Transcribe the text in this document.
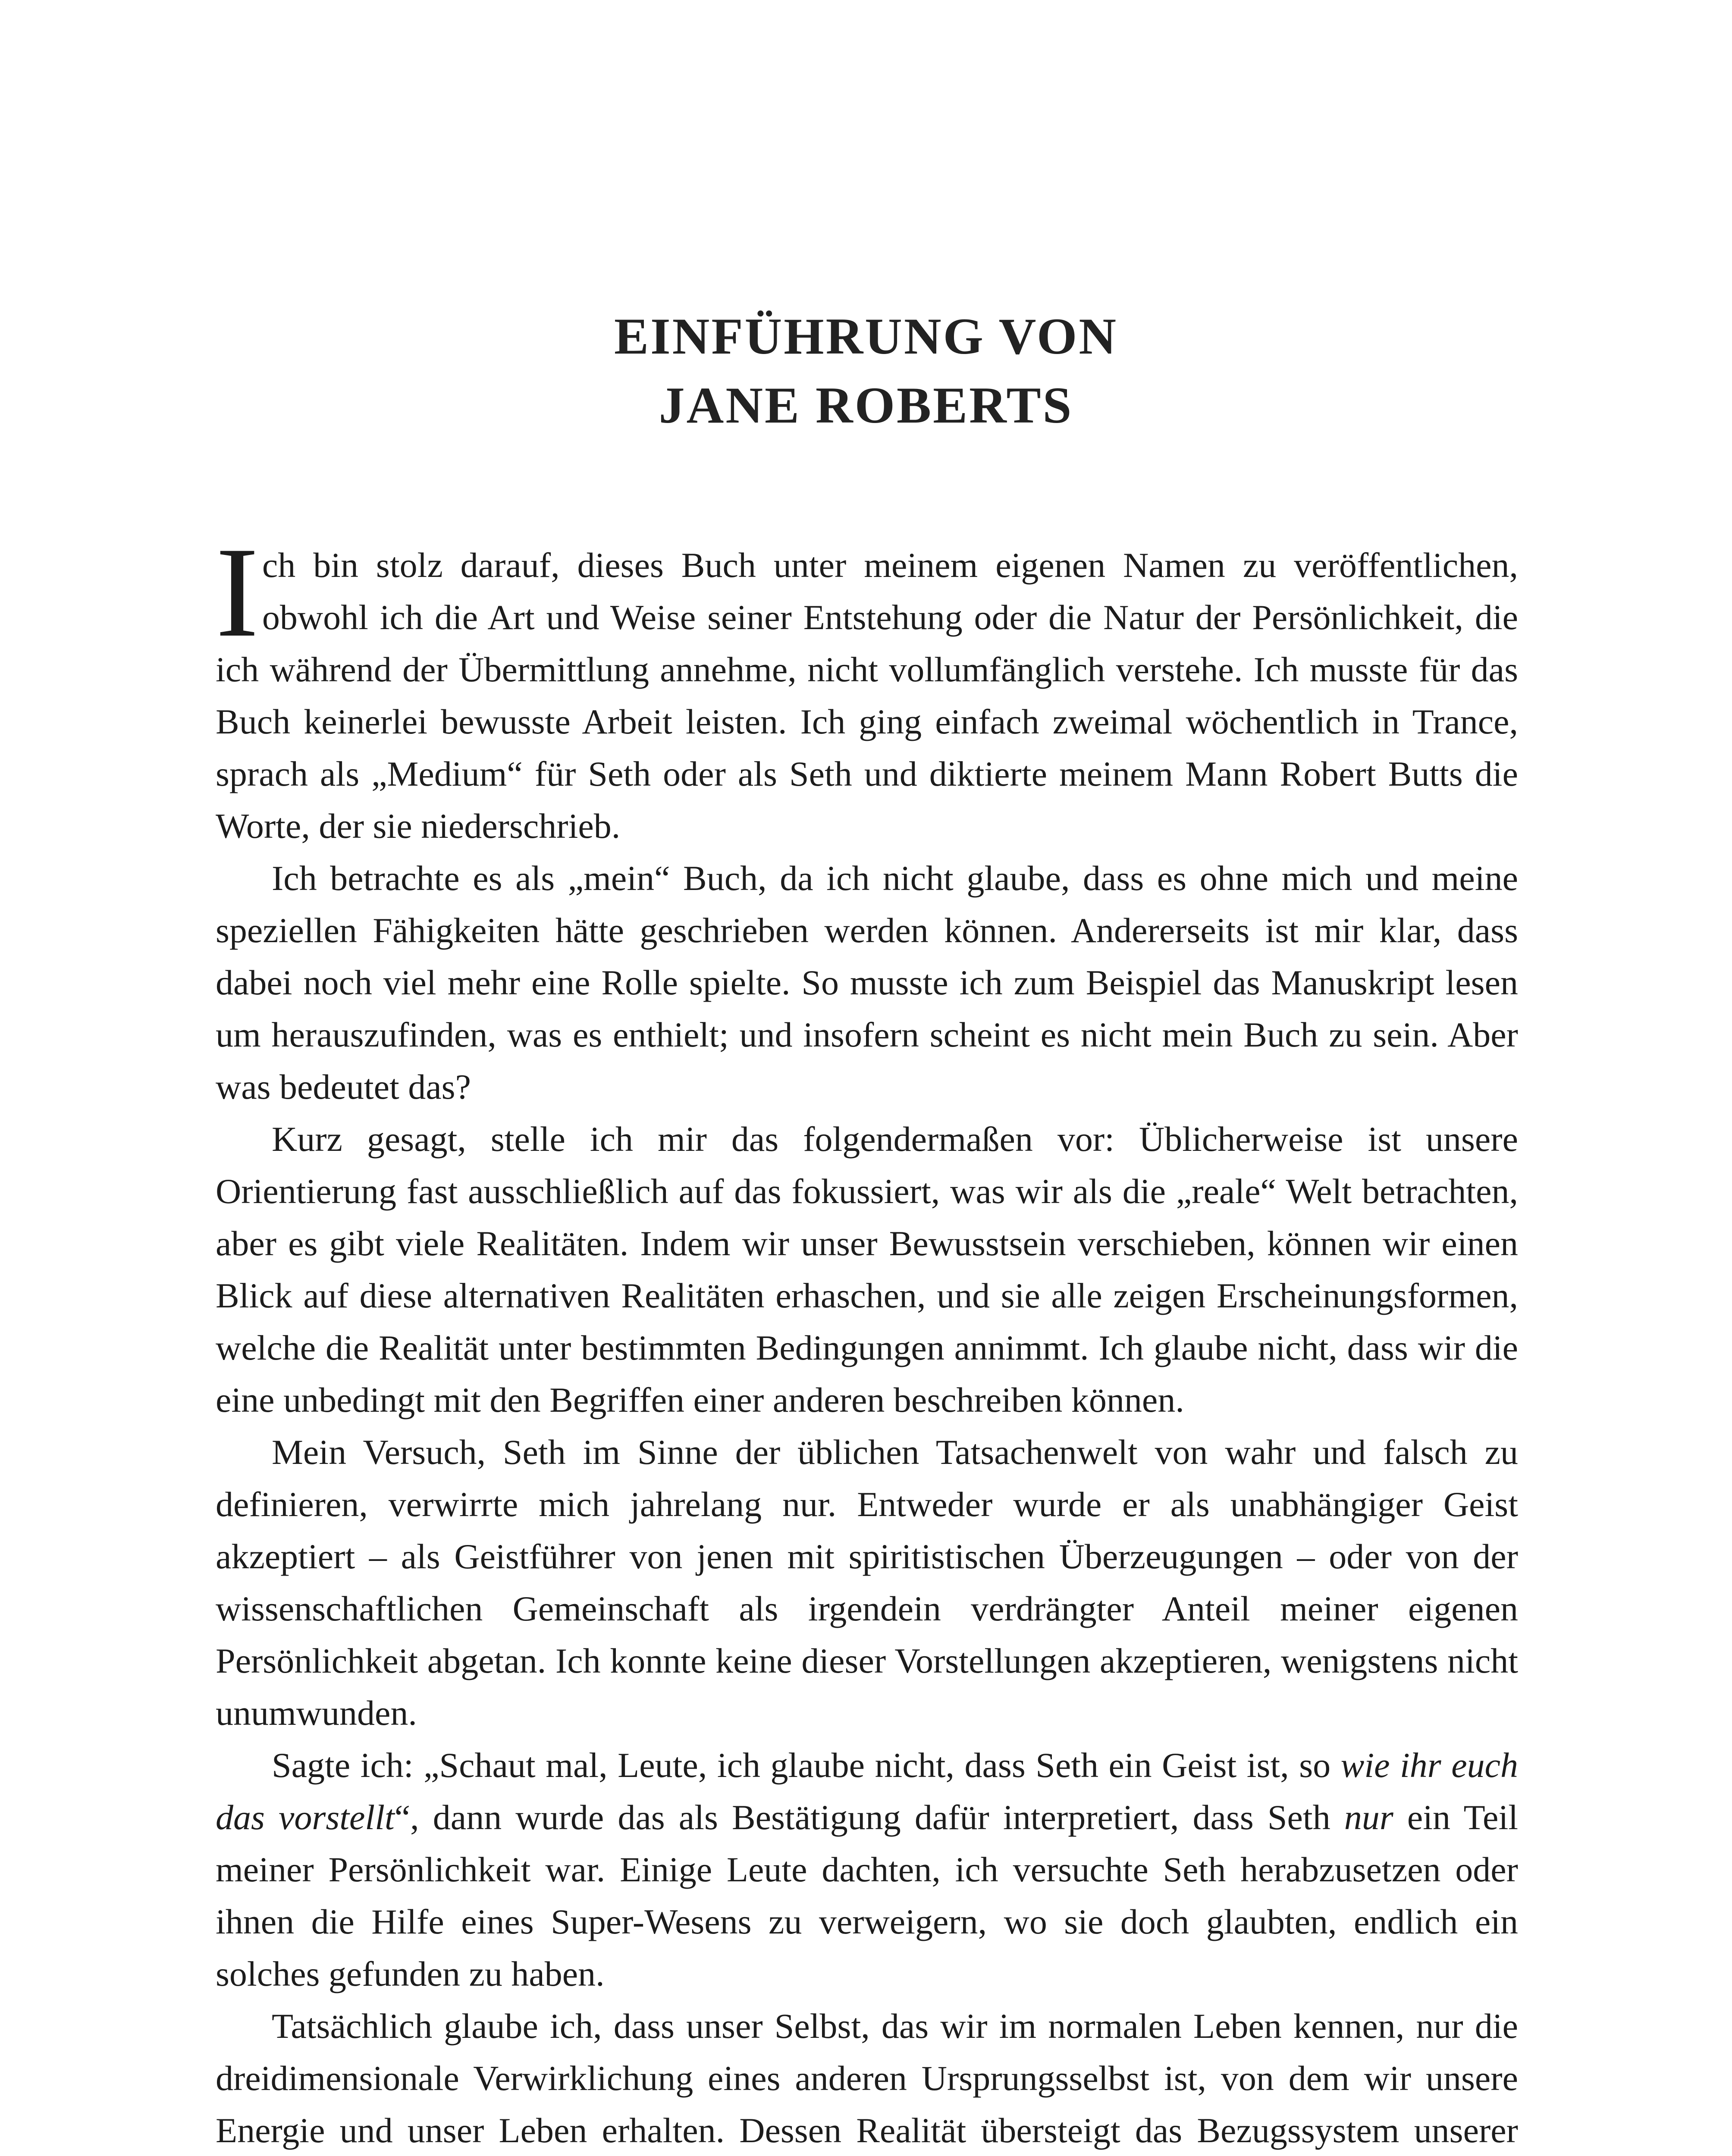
EINFÜHRUNG VON
JANE ROBERTS

Ich bin stolz darauf, dieses Buch unter meinem eigenen Namen zu veröffentlichen, obwohl ich die Art und Weise seiner Entstehung oder die Natur der Persönlichkeit, die ich während der Übermittlung annehme, nicht vollumfänglich verstehe. Ich musste für das Buch keinerlei bewusste Arbeit leisten. Ich ging einfach zweimal wöchentlich in Trance, sprach als „Medium“ für Seth oder als Seth und diktierte meinem Mann Robert Butts die Worte, der sie niederschrieb.

Ich betrachte es als „mein“ Buch, da ich nicht glaube, dass es ohne mich und meine speziellen Fähigkeiten hätte geschrieben werden können. Andererseits ist mir klar, dass dabei noch viel mehr eine Rolle spielte. So musste ich zum Beispiel das Manuskript lesen um herauszufinden, was es enthielt; und insofern scheint es nicht mein Buch zu sein. Aber was bedeutet das?

Kurz gesagt, stelle ich mir das folgendermaßen vor: Üblicherweise ist unsere Orientierung fast ausschließlich auf das fokussiert, was wir als die „reale“ Welt betrachten, aber es gibt viele Realitäten. Indem wir unser Bewusstsein verschieben, können wir einen Blick auf diese alternativen Realitäten erhaschen, und sie alle zeigen Erscheinungsformen, welche die Realität unter bestimmten Bedingungen annimmt. Ich glaube nicht, dass wir die eine unbedingt mit den Begriffen einer anderen beschreiben können.

Mein Versuch, Seth im Sinne der üblichen Tatsachenwelt von wahr und falsch zu definieren, verwirrte mich jahrelang nur. Entweder wurde er als unabhängiger Geist akzeptiert – als Geistführer von jenen mit spiritistischen Überzeugungen – oder von der wissenschaftlichen Gemeinschaft als irgendein verdrängter Anteil meiner eigenen Persönlichkeit abgetan. Ich konnte keine dieser Vorstellungen akzeptieren, wenigstens nicht unumwunden.

Sagte ich: „Schaut mal, Leute, ich glaube nicht, dass Seth ein Geist ist, so wie ihr euch das vorstellt“, dann wurde das als Bestätigung dafür interpretiert, dass Seth nur ein Teil meiner Persönlichkeit war. Einige Leute dachten, ich versuchte Seth herabzusetzen oder ihnen die Hilfe eines Super-Wesens zu verweigern, wo sie doch glaubten, endlich ein solches gefunden zu haben.

Tatsächlich glaube ich, dass unser Selbst, das wir im normalen Leben kennen, nur die dreidimensionale Verwirklichung eines anderen Ursprungsselbst ist, von dem wir unsere Energie und unser Leben erhalten. Dessen Realität übersteigt das Bezugssystem unserer
